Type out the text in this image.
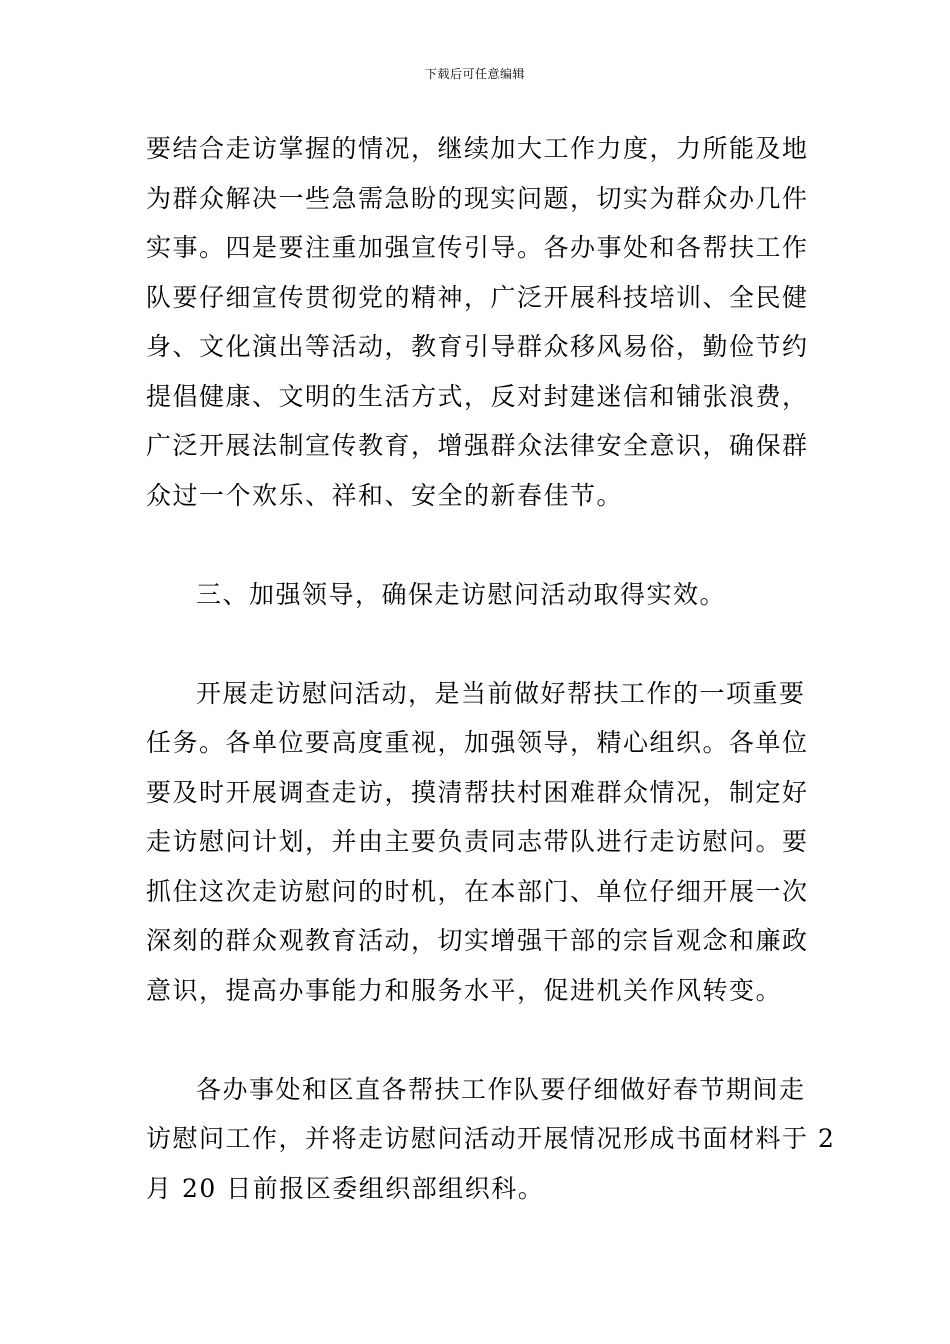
下载后可任意编辑
要结合走访掌握的情况，继续加大工作力度，力所能及地
为群众解决一些急需急盼的现实问题，切实为群众办几件
实事。四是要注重加强宣传引导。各办事处和各帮扶工作
队要仔细宣传贯彻党的精神，广泛开展科技培训、全民健
身、文化演出等活动，教育引导群众移风易俗，勤俭节约
提倡健康、文明的生活方式，反对封建迷信和铺张浪费，
广泛开展法制宣传教育，增强群众法律安全意识，确保群
众过一个欢乐、祥和、安全的新春佳节。
三、加强领导，确保走访慰问活动取得实效。
开展走访慰问活动，是当前做好帮扶工作的一项重要
任务。各单位要高度重视，加强领导，精心组织。各单位
要及时开展调查走访，摸清帮扶村困难群众情况，制定好
走访慰问计划，并由主要负责同志带队进行走访慰问。要
抓住这次走访慰问的时机，在本部门、单位仔细开展一次
深刻的群众观教育活动，切实增强干部的宗旨观念和廉政
意识，提高办事能力和服务水平，促进机关作风转变。
各办事处和区直各帮扶工作队要仔细做好春节期间走
访慰问工作，并将走访慰问活动开展情况形成书面材料于 2
月 20 日前报区委组织部组织科。
